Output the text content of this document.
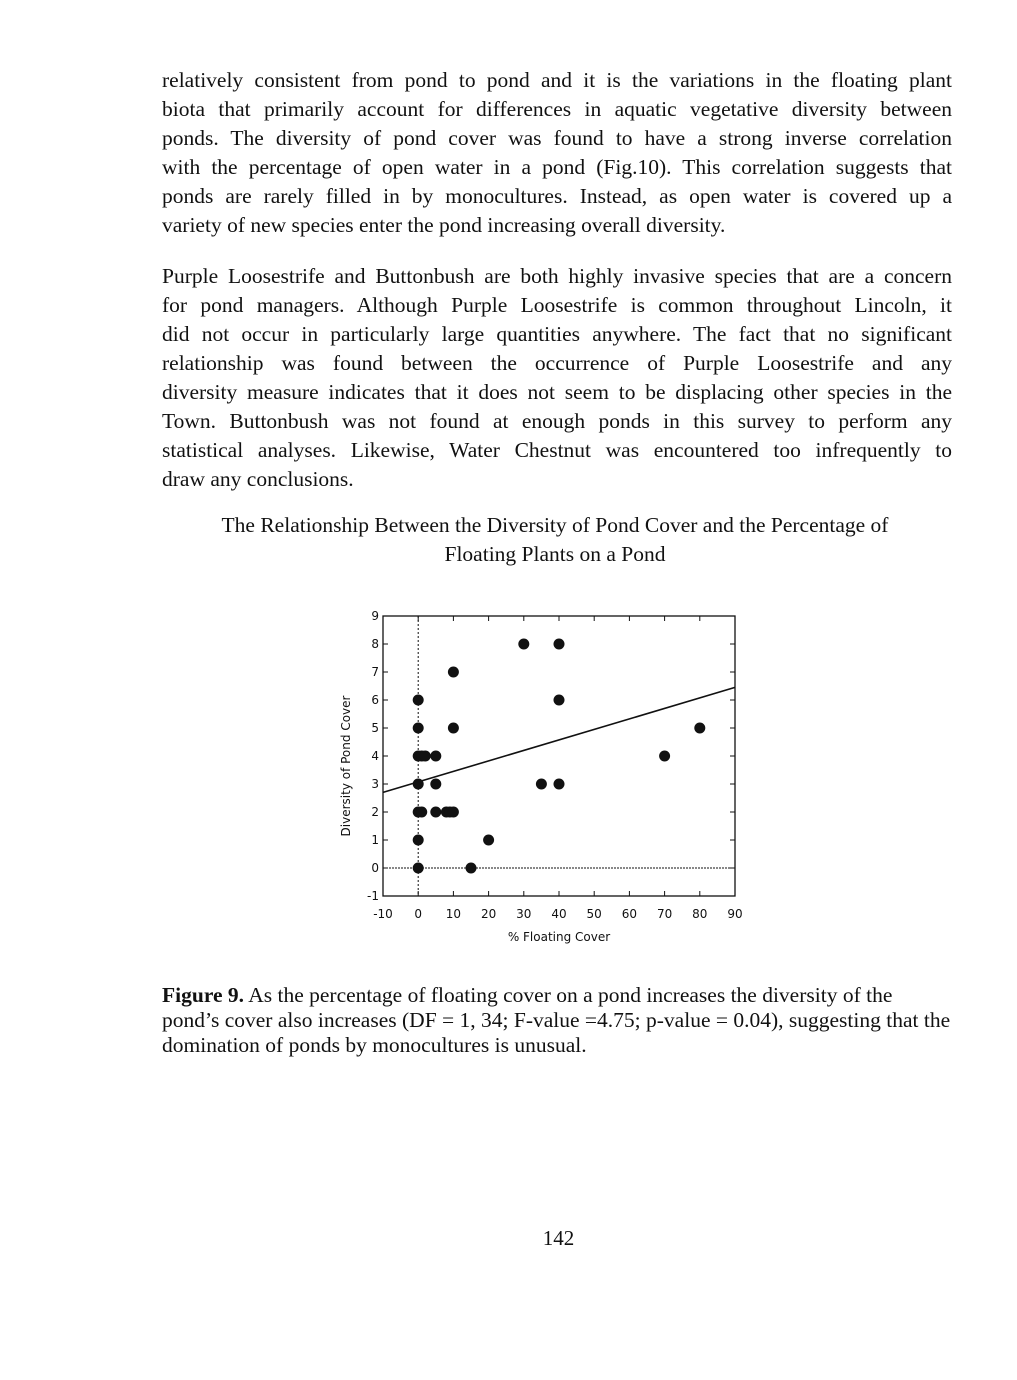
relatively consistent from pond to pond and it is the variations in the floating plant
biota that primarily account for differences in aquatic vegetative diversity between
ponds. The diversity of pond cover was found to have a strong inverse correlation
with the percentage of open water in a pond (Fig.10). This correlation suggests that
ponds are rarely filled in by monocultures. Instead, as open water is covered up a
variety of new species enter the pond increasing overall diversity.
Purple Loosestrife and Buttonbush are both highly invasive species that are a concern
for pond managers. Although Purple Loosestrife is common throughout Lincoln, it
did not occur in particularly large quantities anywhere. The fact that no significant
relationship was found between the occurrence of Purple Loosestrife and any
diversity measure indicates that it does not seem to be displacing other species in the
Town. Buttonbush was not found at enough ponds in this survey to perform any
statistical analyses. Likewise, Water Chestnut was encountered too infrequently to
draw any conclusions.
The Relationship Between the Diversity of Pond Cover and the Percentage of
Floating Plants on a Pond
-10 0 10 20 30 40 50 60 70 80 90
-1
0
1
2
3
4
5
6
7
8
9
% Floating Cover
Diversity of Pond Cover
Figure 9. As the percentage of floating cover on a pond increases the diversity of the pond’s cover also increases (DF = 1, 34; F-value =4.75; p-value = 0.04), suggesting that the domination of ponds by monocultures is unusual.
142
